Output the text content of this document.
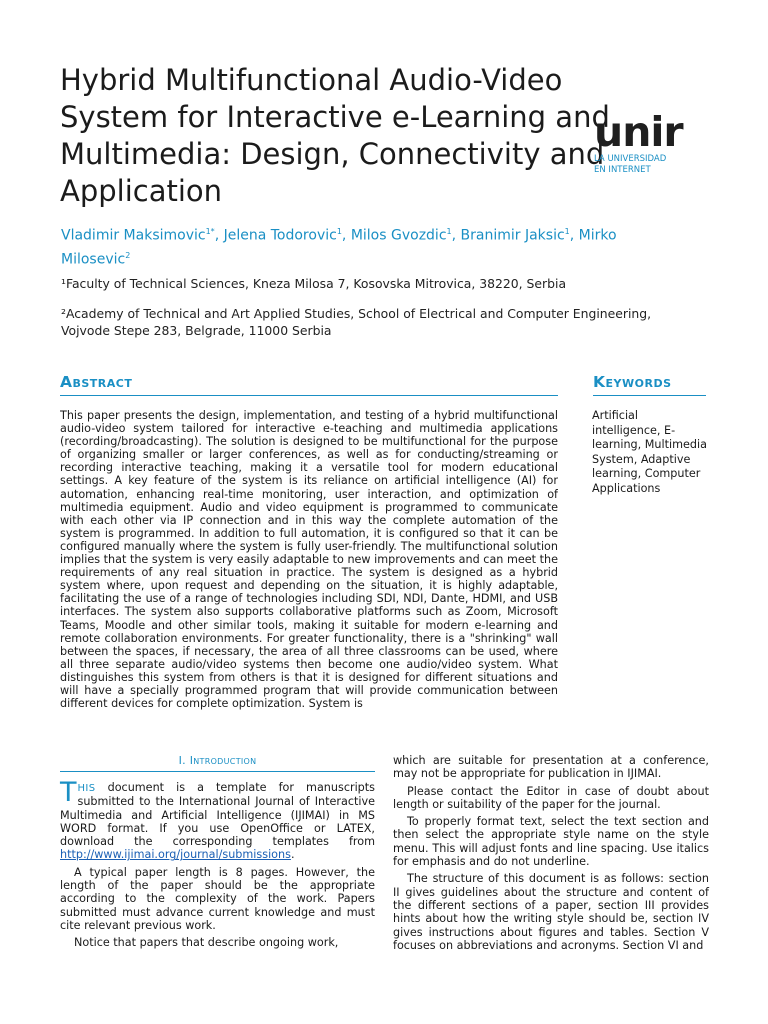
Hybrid Multifunctional Audio-Video System for Interactive e-Learning and Multimedia: Design, Connectivity and Application
unir
LA UNIVERSIDAD
EN INTERNET
Vladimir Maksimovic$^{1*}$, Jelena Todorovic$^1$, Milos Gvozdic$^1$, Branimir Jaksic$^1$, Mirko Milosevic$^2$
¹Faculty of Technical Sciences, Kneza Milosa 7, Kosovska Mitrovica, 38220, Serbia
²Academy of Technical and Art Applied Studies, School of Electrical and Computer Engineering, Vojvode Stepe 283, Belgrade, 11000 Serbia
Abstract	Keywords

This paper presents the design, implementation, and testing of a hybrid multifunctional audio-video system tailored for interactive e-teaching and multimedia applications (recording/broadcasting). The solution is designed to be multifunctional for the purpose of organizing smaller or larger conferences, as well as for conducting/streaming or recording interactive teaching, making it a versatile tool for modern educational settings. A key feature of the system is its reliance on artificial intelligence (AI) for automation, enhancing real-time monitoring, user interaction, and optimization of multimedia equipment. Audio and video equipment is programmed to communicate with each other via IP connection and in this way the complete automation of the system is programmed. In addition to full automation, it is configured so that it can be configured manually where the system is fully user-friendly. The multifunctional solution implies that the system is very easily adaptable to new improvements and can meet the requirements of any real situation in practice. The system is designed as a hybrid system where, upon request and depending on the situation, it is highly adaptable, facilitating the use of a range of technologies including SDI, NDI, Dante, HDMI, and USB interfaces. The system also supports collaborative platforms such as Zoom, Microsoft Teams, Moodle and other similar tools, making it suitable for modern e-learning and remote collaboration environments. For greater functionality, there is a "shrinking" wall between the spaces, if necessary, the area of all three classrooms can be used, where all three separate audio/video systems then become one audio/video system. What distinguishes this system from others is that it is designed for different situations and will have a specially programmed program that will provide communication between different devices for complete optimization. System is

Artificial intelligence, E-learning, Multimedia System, Adaptive learning, Computer Applications

I. Introduction

THIS document is a template for manuscripts submitted to the International Journal of Interactive Multimedia and Artificial Intelligence (IJIMAI) in MS WORD format. If you use OpenOffice or LATEX, download the corresponding templates from http://www.ijimai.org/journal/submissions.

A typical paper length is 8 pages. However, the length of the paper should be the appropriate according to the complexity of the work. Papers submitted must advance current knowledge and must cite relevant previous work.

Notice that papers that describe ongoing work,

which are suitable for presentation at a conference, may not be appropriate for publication in IJIMAI.

Please contact the Editor in case of doubt about length or suitability of the paper for the journal.

To properly format text, select the text section and then select the appropriate style name on the style menu. This will adjust fonts and line spacing. Use italics for emphasis and do not underline.

The structure of this document is as follows: section II gives guidelines about the structure and content of the different sections of a paper, section III provides hints about how the writing style should be, section IV gives instructions about figures and tables. Section V focuses on abbreviations and acronyms. Section VI and
